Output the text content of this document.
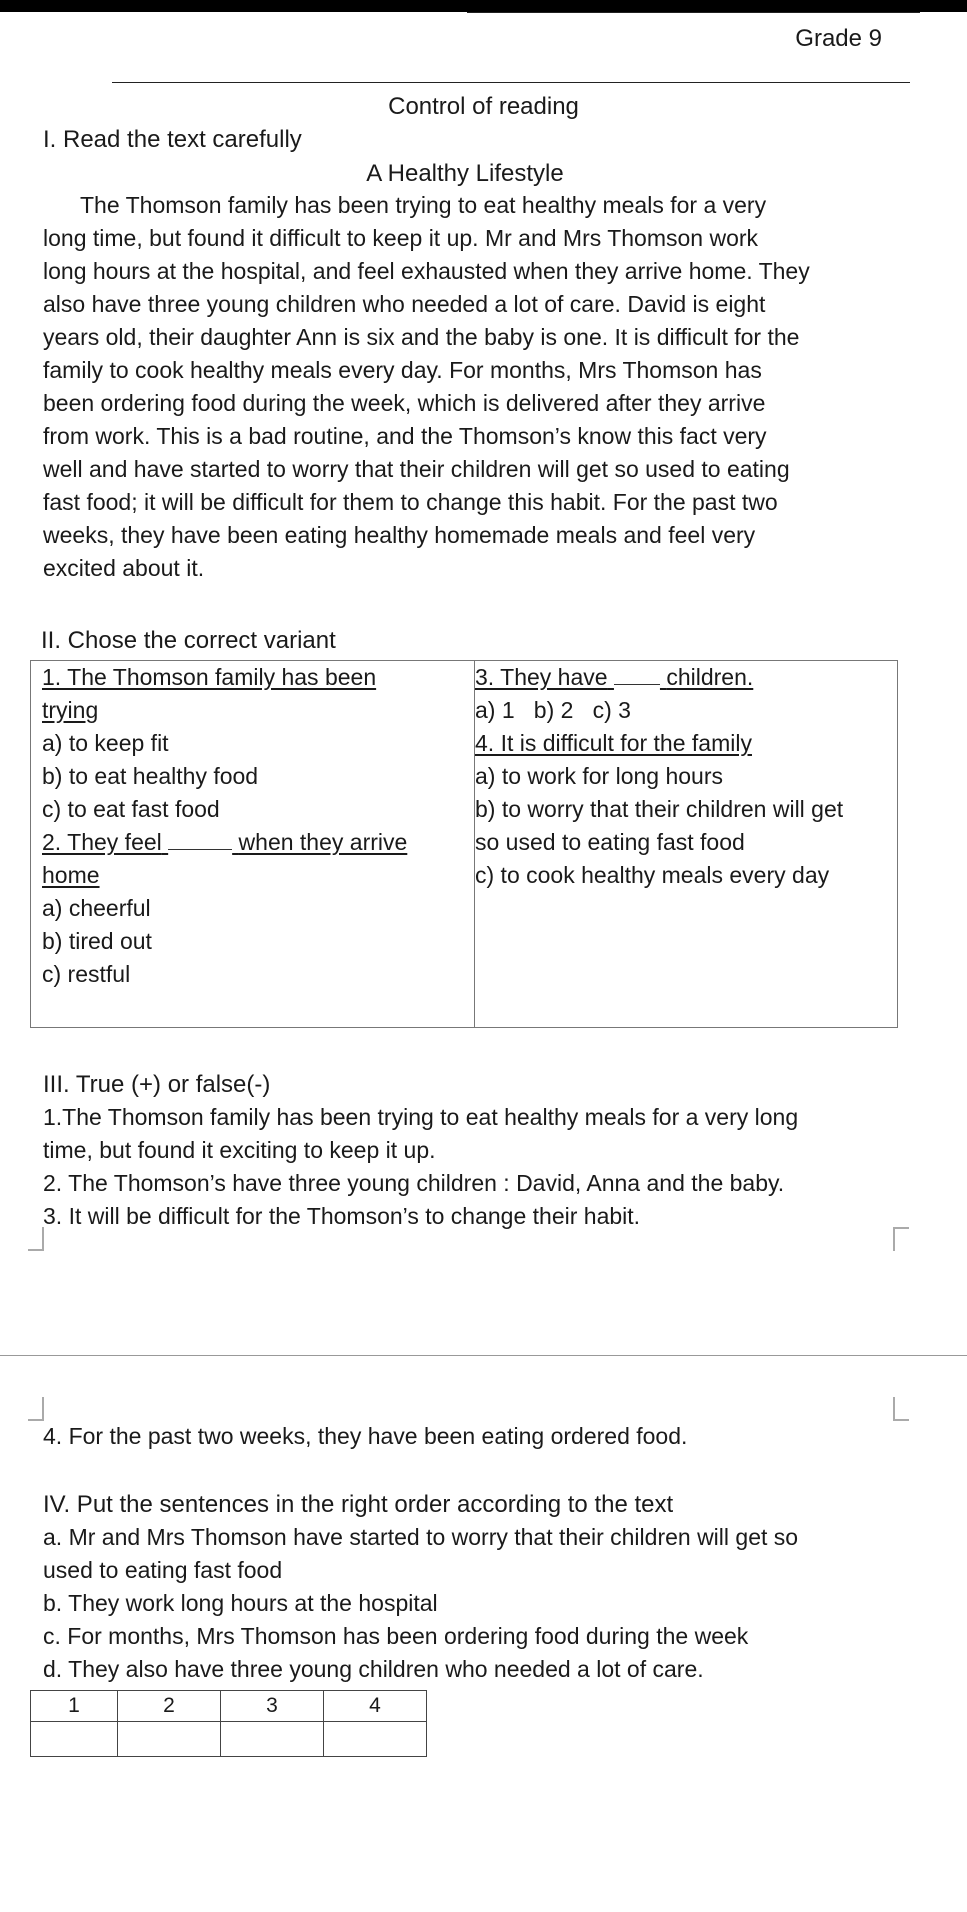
Grade 9
Control of reading
I. Read the text carefully
A Healthy Lifestyle
The Thomson family has been trying to eat healthy meals for a very
long time, but found it difficult to keep it up. Mr and Mrs Thomson work
long hours at the hospital, and feel exhausted when they arrive home. They
also have three young children who needed a lot of care. David is eight
years old, their daughter Ann is six and the baby is one. It is difficult for the
family to cook healthy meals every day. For months, Mrs Thomson has
been ordering food during the week, which is delivered after they arrive
from work. This is a bad routine, and the Thomson’s know this fact very
well and have started to worry that their children will get so used to eating
fast food; it will be difficult for them to change this habit. For the past two
weeks, they have been eating healthy homemade meals and feel very
excited about it.
II. Chose the correct variant
1. The Thomson family has been
trying
a) to keep fit
b) to eat healthy food
c) to eat fast food
2. They feel	when they arrive
home
a) cheerful
b) tired out
c) restful
3. They have	children.
a) 1   b) 2   c) 3
4. It is difficult for the family
a) to work for long hours
b) to worry that their children will get
so used to eating fast food
c) to cook healthy meals every day
III. True (+) or false(-)
1.The Thomson family has been trying to eat healthy meals for a very long
time, but found it exciting to keep it up.
2. The Thomson’s have three young children : David, Anna and the baby.
3. It will be difficult for the Thomson’s to change their habit.
4. For the past two weeks, they have been eating ordered food.
IV. Put the sentences in the right order according to the text
a. Mr and Mrs Thomson have started to worry that their children will get so
used to eating fast food
b. They work long hours at the hospital
c. For months, Mrs Thomson has been ordering food during the week
d. They also have three young children who needed a lot of care.
1	2	3	4
